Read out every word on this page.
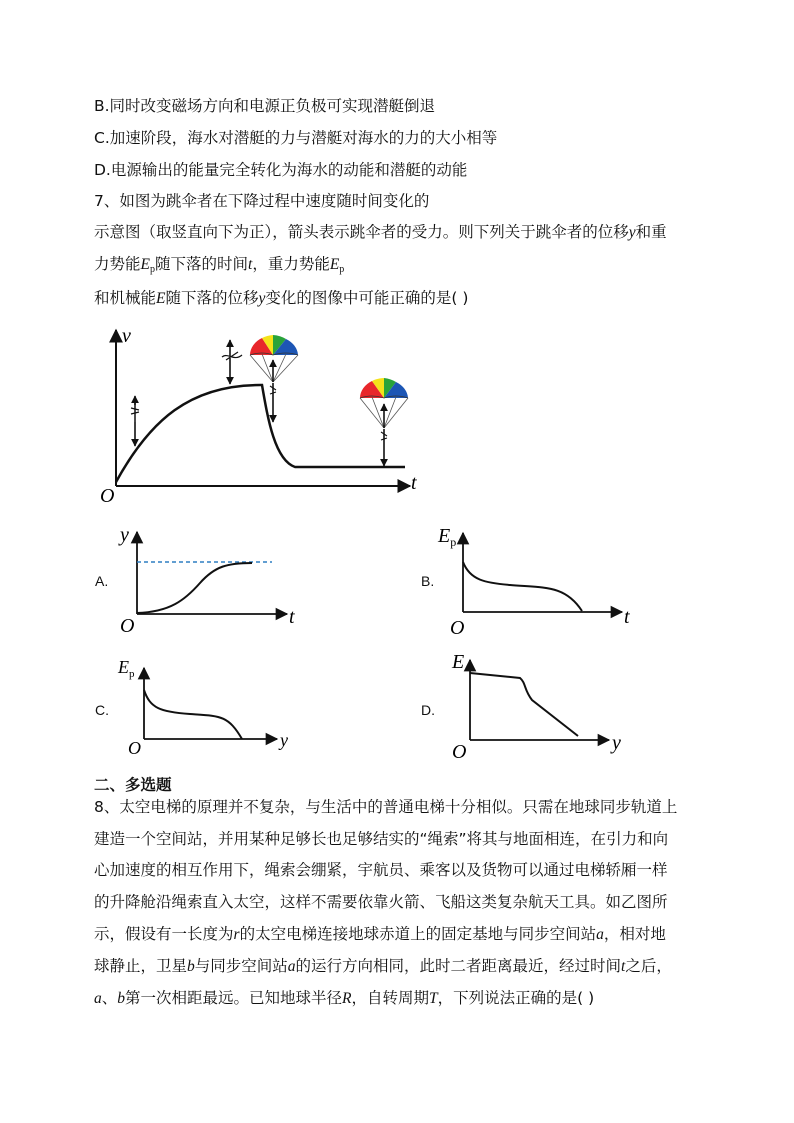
B.同时改变磁场方向和电源正负极可实现潜艇倒退
C.加速阶段，海水对潜艇的力与潜艇对海水的力的大小相等
D.电源输出的能量完全转化为海水的动能和潜艇的动能
7、如图为跳伞者在下降过程中速度随时间变化的
示意图（取竖直向下为正），箭头表示跳伞者的受力。则下列关于跳伞者的位移y和重
力势能$E_p$随下落的时间t，重力势能$E_p$
和机械能E随下落的位移y变化的图像中可能正确的是( )
v
t
O
y
t
O
$E_p$
t
O
$E_p$
y
O
E
y
O
A.	B.
C.	D.
二、多选题
8、太空电梯的原理并不复杂，与生活中的普通电梯十分相似。只需在地球同步轨道上
建造一个空间站，并用某种足够长也足够结实的“绳索”将其与地面相连，在引力和向
心加速度的相互作用下，绳索会绷紧，宇航员、乘客以及货物可以通过电梯轿厢一样
的升降舱沿绳索直入太空，这样不需要依靠火箭、飞船这类复杂航天工具。如乙图所
示，假设有一长度为r的太空电梯连接地球赤道上的固定基地与同步空间站a，相对地
球静止，卫星b与同步空间站a的运行方向相同，此时二者距离最近，经过时间t之后，
a、b第一次相距最远。已知地球半径R，自转周期T，下列说法正确的是( )
